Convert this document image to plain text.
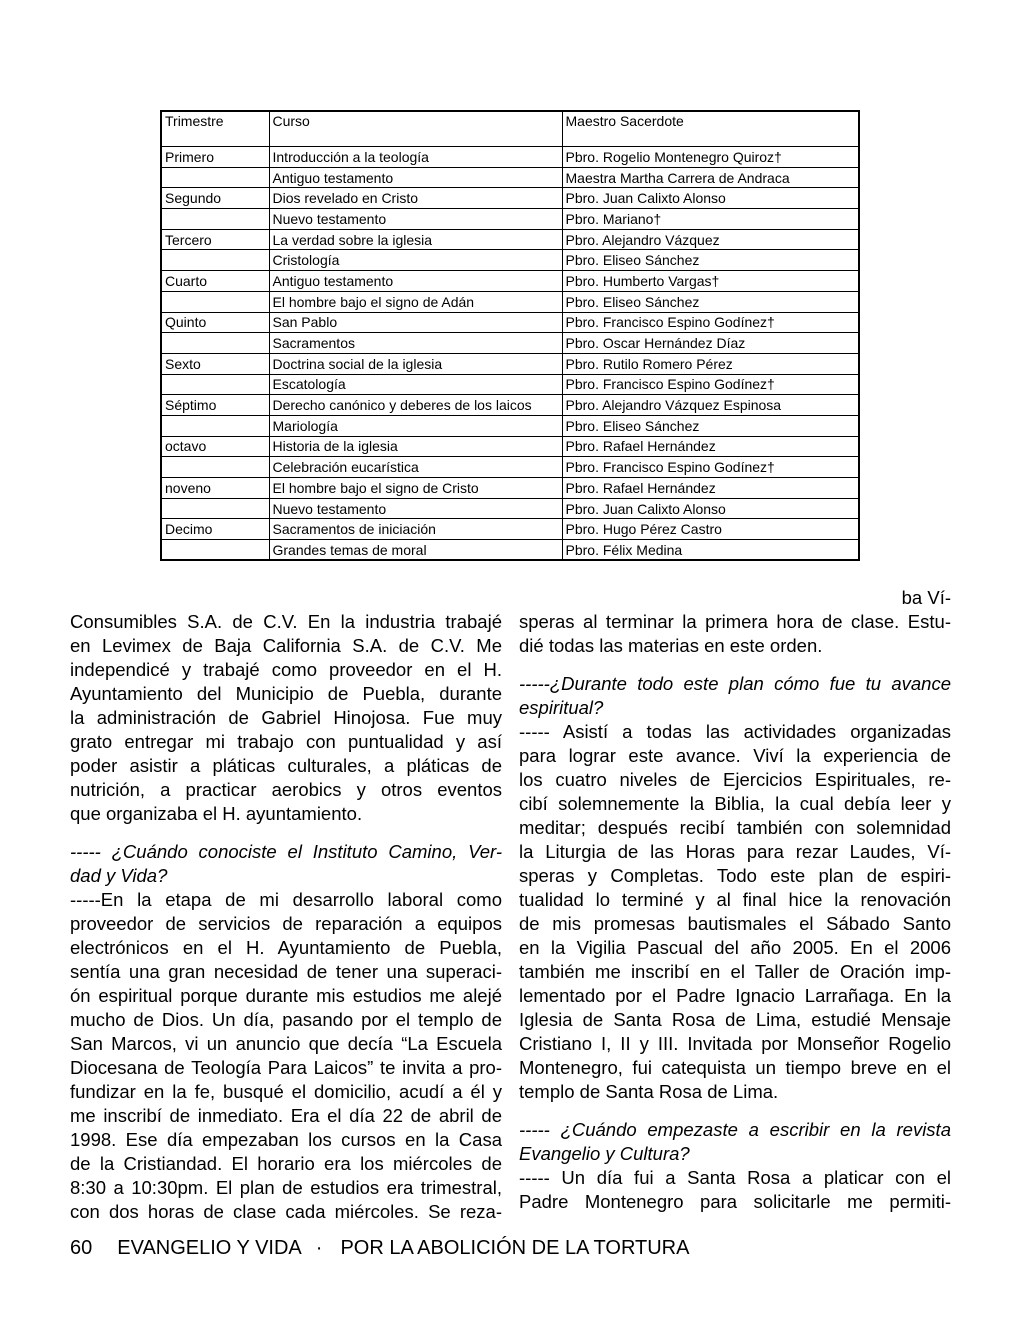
Trimestre	Curso	Maestro Sacerdote
Primero	Introducción a la teología	Pbro. Rogelio Montenegro Quiroz†
	Antiguo testamento	Maestra Martha Carrera de Andraca
Segundo	Dios revelado en Cristo	Pbro. Juan Calixto Alonso
	Nuevo testamento	Pbro. Mariano†
Tercero	La verdad sobre la iglesia	Pbro. Alejandro Vázquez
	Cristología	Pbro. Eliseo Sánchez
Cuarto	Antiguo testamento	Pbro. Humberto Vargas†
	El hombre bajo el signo de Adán	Pbro. Eliseo Sánchez
Quinto	San Pablo	Pbro. Francisco Espino Godínez†
	Sacramentos	Pbro. Oscar Hernández Díaz
Sexto	Doctrina social de la iglesia	Pbro. Rutilo Romero Pérez
	Escatología	Pbro. Francisco Espino Godínez†
Séptimo	Derecho canónico y deberes de los laicos	Pbro. Alejandro Vázquez Espinosa
	Mariología	Pbro. Eliseo Sánchez
octavo	Historia de la iglesia	Pbro. Rafael Hernández
	Celebración eucarística	Pbro. Francisco Espino Godínez†
noveno	El hombre bajo el signo de Cristo	Pbro. Rafael Hernández
	Nuevo testamento	Pbro. Juan Calixto Alonso
Decimo	Sacramentos de iniciación	Pbro. Hugo Pérez Castro
	Grandes temas de moral	Pbro. Félix Medina
Consumibles S.A. de C.V. En la industria trabajé
en Levimex de Baja California S.A. de C.V. Me
independicé y trabajé como proveedor en el H.
Ayuntamiento del Municipio de Puebla, durante
la administración de Gabriel Hinojosa. Fue muy
grato entregar mi trabajo con puntualidad y así
poder asistir a pláticas culturales, a pláticas de
nutrición, a practicar aerobics y otros eventos
que organizaba el H. ayuntamiento.
----- ¿Cuándo conociste el Instituto Camino, Ver-
dad y Vida?
-----En la etapa de mi desarrollo laboral como
proveedor de servicios de reparación a equipos
electrónicos en el H. Ayuntamiento de Puebla,
sentía una gran necesidad de tener una superaci-
ón espiritual porque durante mis estudios me alejé
mucho de Dios. Un día, pasando por el templo de
San Marcos, vi un anuncio que decía “La Escuela
Diocesana de Teología Para Laicos” te invita a pro-
fundizar en la fe, busqué el domicilio, acudí a él y
me inscribí de inmediato. Era el día 22 de abril de
1998. Ese día empezaban los cursos en la Casa
de la Cristiandad. El horario era los miércoles de
8:30 a 10:30pm. El plan de estudios era trimestral,
con dos horas de clase cada miércoles. Se reza-
ba Ví-
speras al terminar la primera hora de clase. Estu-
dié todas las materias en este orden.
-----¿Durante todo este plan cómo fue tu avance
espiritual?
----- Asistí a todas las actividades organizadas
para lograr este avance. Viví la experiencia de
los cuatro niveles de Ejercicios Espirituales, re-
cibí solemnemente la Biblia, la cual debía leer y
meditar; después recibí también con solemnidad
la Liturgia de las Horas para rezar Laudes, Ví-
speras y Completas. Todo este plan de espiri-
tualidad lo terminé y al final hice la renovación
de mis promesas bautismales el Sábado Santo
en la Vigilia Pascual del año 2005. En el 2006
también me inscribí en el Taller de Oración imp-
lementado por el Padre Ignacio Larrañaga. En la
Iglesia de Santa Rosa de Lima, estudié Mensaje
Cristiano I, II y III. Invitada por Monseñor Rogelio
Montenegro, fui catequista un tiempo breve en el
templo de Santa Rosa de Lima.
----- ¿Cuándo empezaste a escribir en la revista
Evangelio y Cultura?
----- Un día fui a Santa Rosa a platicar con el
Padre Montenegro para solicitarle me permiti-
60 EVANGELIO Y VIDA · POR LA ABOLICIÓN DE LA TORTURA
